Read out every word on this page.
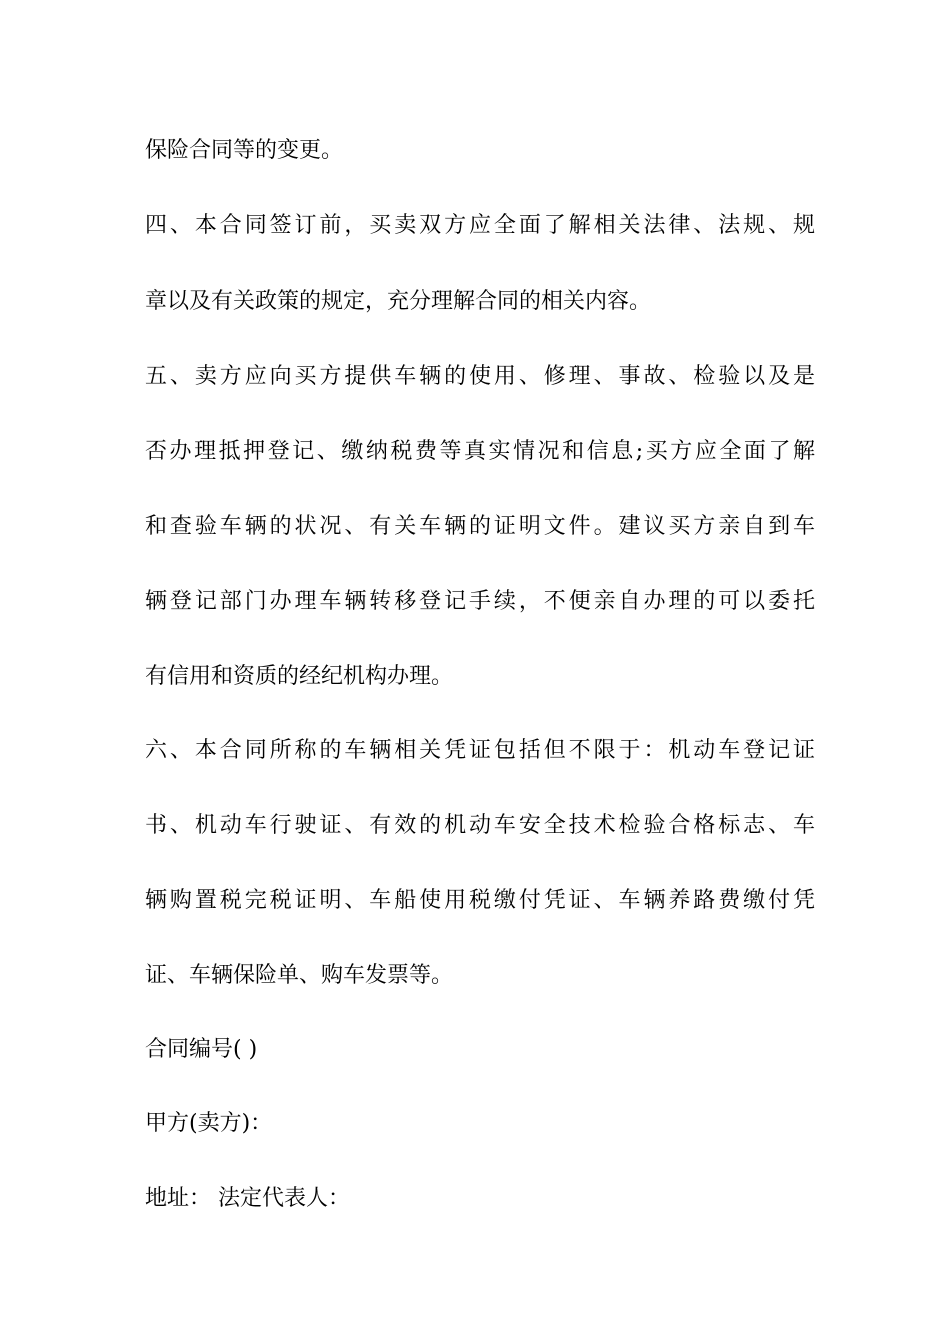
保险合同等的变更。
四、本合同签订前，买卖双方应全面了解相关法律、法规、规
章以及有关政策的规定，充分理解合同的相关内容。
五、卖方应向买方提供车辆的使用、修理、事故、检验以及是
否办理抵押登记、缴纳税费等真实情况和信息;买方应全面了解
和查验车辆的状况、有关车辆的证明文件。建议买方亲自到车
辆登记部门办理车辆转移登记手续，不便亲自办理的可以委托
有信用和资质的经纪机构办理。
六、本合同所称的车辆相关凭证包括但不限于：机动车登记证
书、机动车行驶证、有效的机动车安全技术检验合格标志、车
辆购置税完税证明、车船使用税缴付凭证、车辆养路费缴付凭
证、车辆保险单、购车发票等。
合同编号( )
甲方(卖方)：
地址： 法定代表人：
